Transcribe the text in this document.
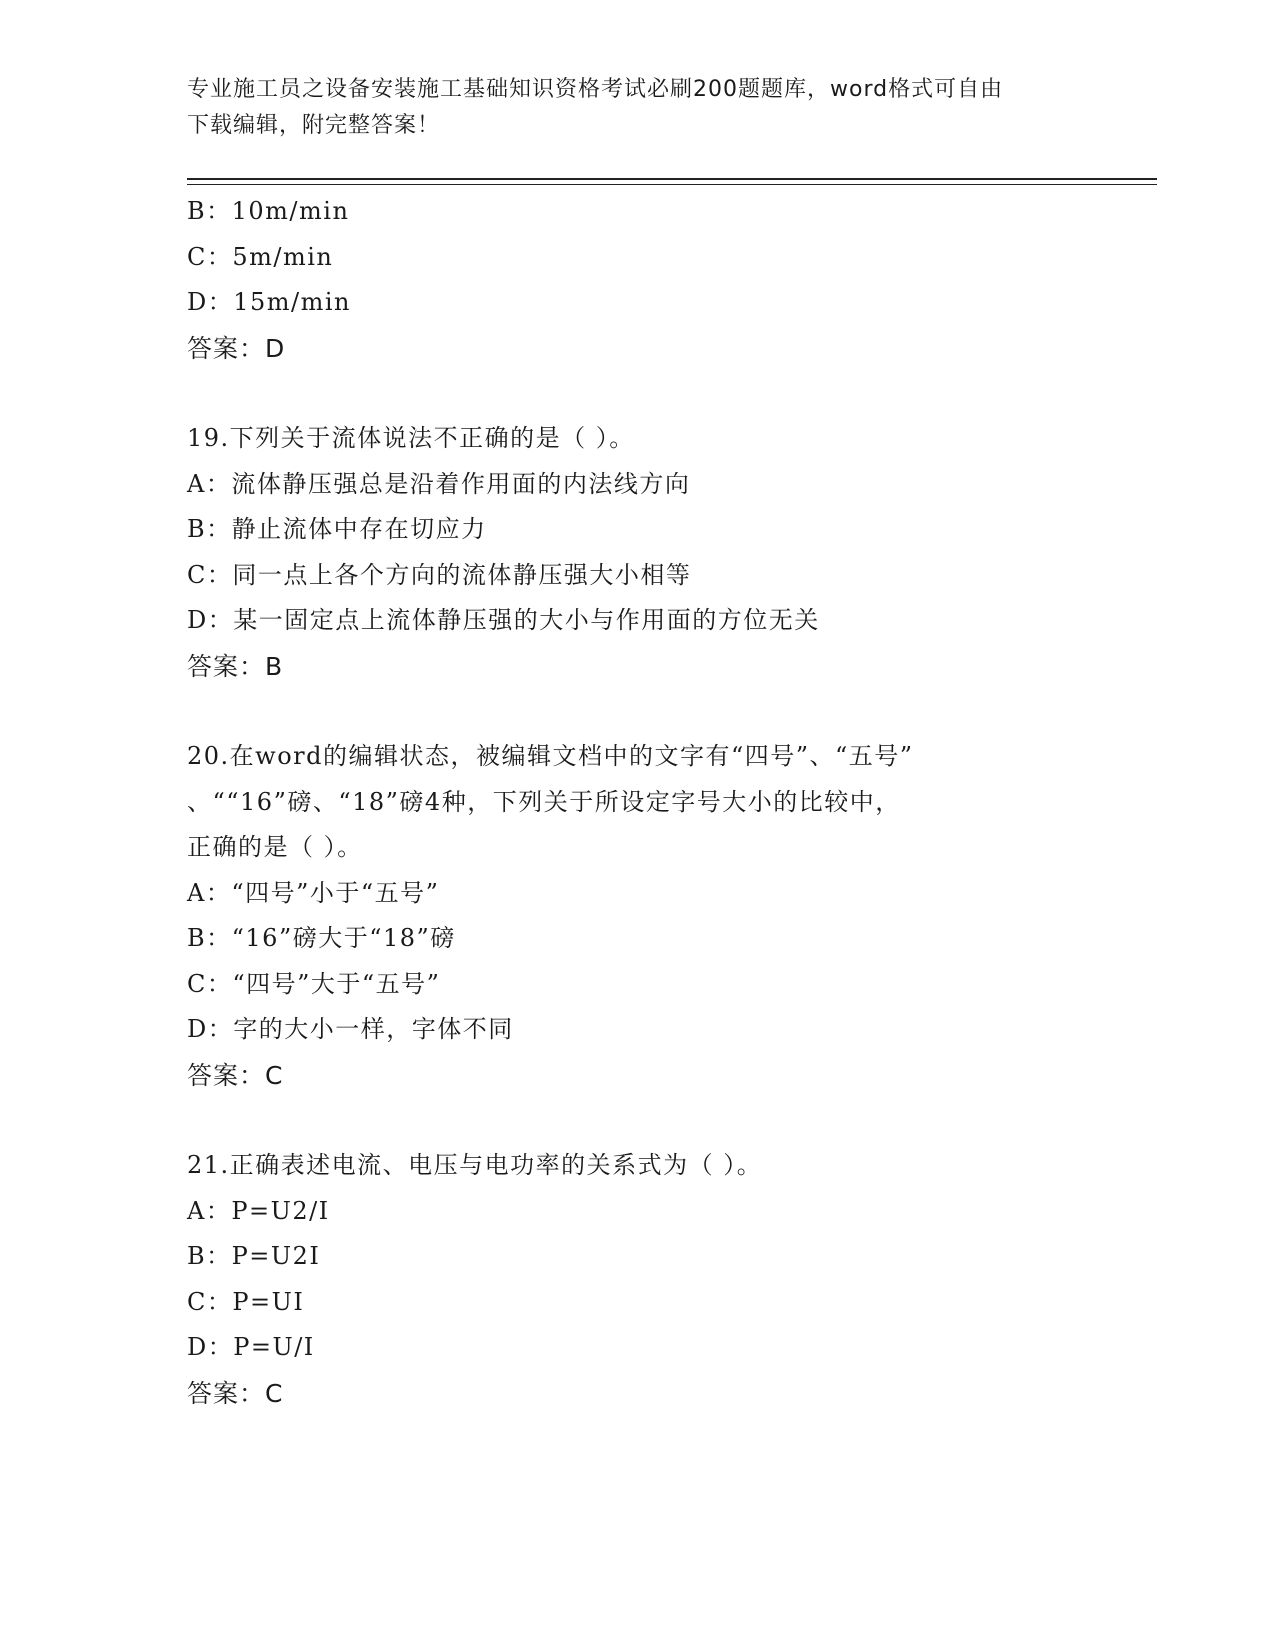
专业施工员之设备安装施工基础知识资格考试必刷200题题库，word格式可自由
下载编辑，附完整答案！
B：10m/min
C：5m/min
D：15m/min
答案：D
19.下列关于流体说法不正确的是（ ）。
A：流体静压强总是沿着作用面的内法线方向
B：静止流体中存在切应力
C：同一点上各个方向的流体静压强大小相等
D：某一固定点上流体静压强的大小与作用面的方位无关
答案：B
20.在word的编辑状态，被编辑文档中的文字有“四号”、“五号”
、““16”磅、“18”磅4种，下列关于所设定字号大小的比较中，
正确的是（ ）。
A：“四号”小于“五号”
B：“16”磅大于“18”磅
C：“四号”大于“五号”
D：字的大小一样，字体不同
答案：C
21.正确表述电流、电压与电功率的关系式为（ ）。
A：P=U2/I
B：P=U2I
C：P=UI
D：P=U/I
答案：C
